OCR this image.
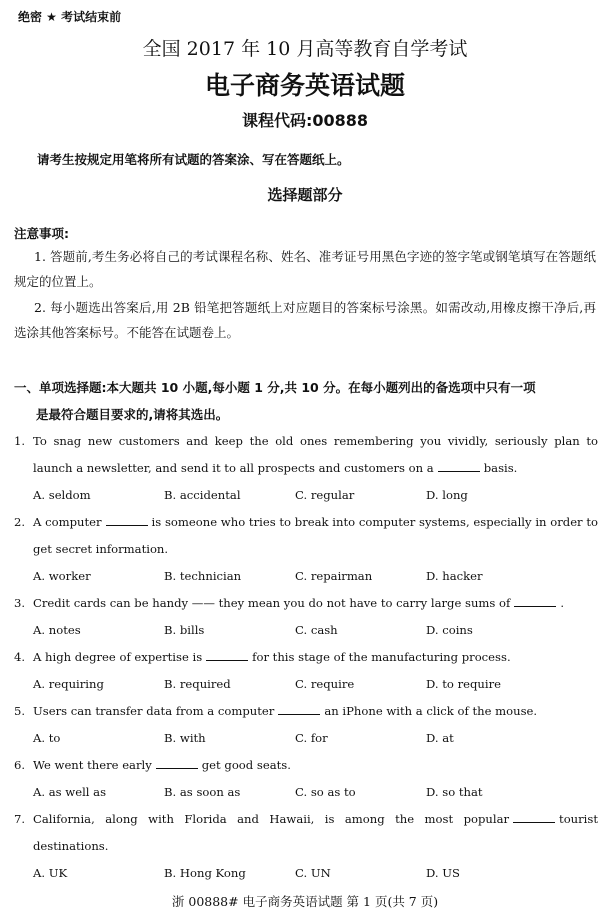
绝密 ★ 考试结束前
全国 2017 年 10 月高等教育自学考试
电子商务英语试题
课程代码:00888
请考生按规定用笔将所有试题的答案涂、写在答题纸上。
选择题部分
注意事项:
1. 答题前,考生务必将自己的考试课程名称、姓名、准考证号用黑色字迹的签字笔或钢笔填写在答题纸规定的位置上。
2. 每小题选出答案后,用 2B 铅笔把答题纸上对应题目的答案标号涂黑。如需改动,用橡皮擦干净后,再选涂其他答案标号。不能答在试题卷上。
一、单项选择题:本大题共 10 小题,每小题 1 分,共 10 分。在每小题列出的备选项中只有一项
是最符合题目要求的,请将其选出。
1. To snag new customers and keep the old ones remembering you vividly, seriously plan to launch a newsletter, and send it to all prospects and customers on a	basis.
A. seldom	B. accidental	C. regular	D. long
2. A computer	is someone who tries to break into computer systems, especially in order to get secret information.
A. worker	B. technician	C. repairman	D. hacker
3. Credit cards can be handy —— they mean you do not have to carry large sums of	.
A. notes	B. bills	C. cash	D. coins
4. A high degree of expertise is	for this stage of the manufacturing process.
A. requiring	B. required	C. require	D. to require
5. Users can transfer data from a computer	an iPhone with a click of the mouse.
A. to	B. with	C. for	D. at
6. We went there early	get good seats.
A. as well as	B. as soon as	C. so as to	D. so that
7. California, along with Florida and Hawaii, is among the most popular	tourist destinations.
A. UK	B. Hong Kong	C. UN	D. US
浙 00888# 电子商务英语试题 第 1 页(共 7 页)
